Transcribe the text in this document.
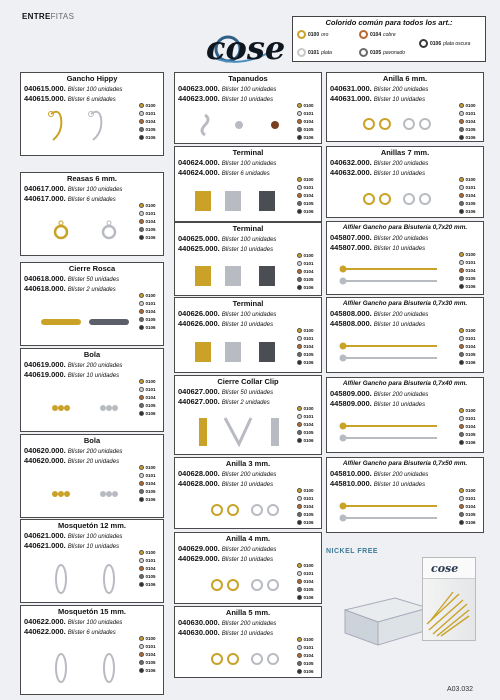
ENTREFITAS
cose
Colorido común para todos los art.:
0100 oro	0104 cobre
0106 plata oscura
0101 plata	0105 pavonado
Gancho Hippy
040615.000. Blíster 100 unidades
440615.000. Blíster 6 unidades
0100
0101
0104
0105
0106
Reasas 6 mm.
040617.000. Blíster 100 unidades
440617.000. Blíster 6 unidades
0100
0101
0104
0105
0106
Cierre Rosca
040618.000. Blíster 50 unidades
440618.000. Blíster 2 unidades
0100
0101
0104
0105
0106
Bola
040619.000. Blíster 200 unidades
440619.000. Blíster 10 unidades
0100
0101
0104
0105
0106
Bola
040620.000. Blíster 200 unidades
440620.000. Blíster 20 unidades
0100
0101
0104
0105
0106
Mosquetón 12 mm.
040621.000. Blíster 100 unidades
440621.000. Blíster 10 unidades
0100
0101
0104
0105
0106
Mosquetón 15 mm.
040622.000. Blíster 100 unidades
440622.000. Blíster 6 unidades
0100
0101
0104
0105
0106
Tapanudos
040623.000. Blíster 100 unidades
440623.000. Blíster 10 unidades
0100
0101
0104
0105
0106
Terminal
040624.000. Blíster 100 unidades
440624.000. Blíster 6 unidades
0100
0101
0104
0105
0106
Terminal
040625.000. Blíster 100 unidades
440625.000. Blíster 10 unidades
0100
0101
0104
0105
0106
Terminal
040626.000. Blíster 100 unidades
440626.000. Blíster 10 unidades
0100
0101
0104
0105
0106
Cierre Collar Clip
040627.000. Blíster 50 unidades
440627.000. Blíster 2 unidades
0100
0101
0104
0105
0106
Anilla 3 mm.
040628.000. Blíster 200 unidades
440628.000. Blíster 10 unidades
0100
0101
0104
0105
0106
Anilla 4 mm.
040629.000. Blíster 200 unidades
440629.000. Blíster 10 unidades
0100
0101
0104
0105
0106
Anilla 5 mm.
040630.000. Blíster 200 unidades
440630.000. Blíster 10 unidades
0100
0101
0104
0105
0106
Anilla 6 mm.
040631.000. Blíster 200 unidades
440631.000. Blíster 10 unidades
0100
0101
0104
0105
0106
Anillas 7 mm.
040632.000. Blíster 200 unidades
440632.000. Blíster 10 unidades
0100
0101
0104
0105
0106
Alfiler Gancho para Bisutería 0,7x20 mm.
045807.000. Blíster 200 unidades
445807.000. Blíster 10 unidades
0100
0101
0104
0105
0106
Alfiler Gancho para Bisutería 0,7x30 mm.
045808.000. Blíster 200 unidades
445808.000. Blíster 10 unidades
0100
0101
0104
0105
0106
Alfiler Gancho para Bisutería 0,7x40 mm.
045809.000. Blíster 200 unidades
445809.000. Blíster 10 unidades
0100
0101
0104
0105
0106
Alfiler Gancho para Bisutería 0,7x50 mm.
045810.000. Blíster 200 unidades
445810.000. Blíster 10 unidades
0100
0101
0104
0105
0106
NICKEL FREE
cose
A03.032
